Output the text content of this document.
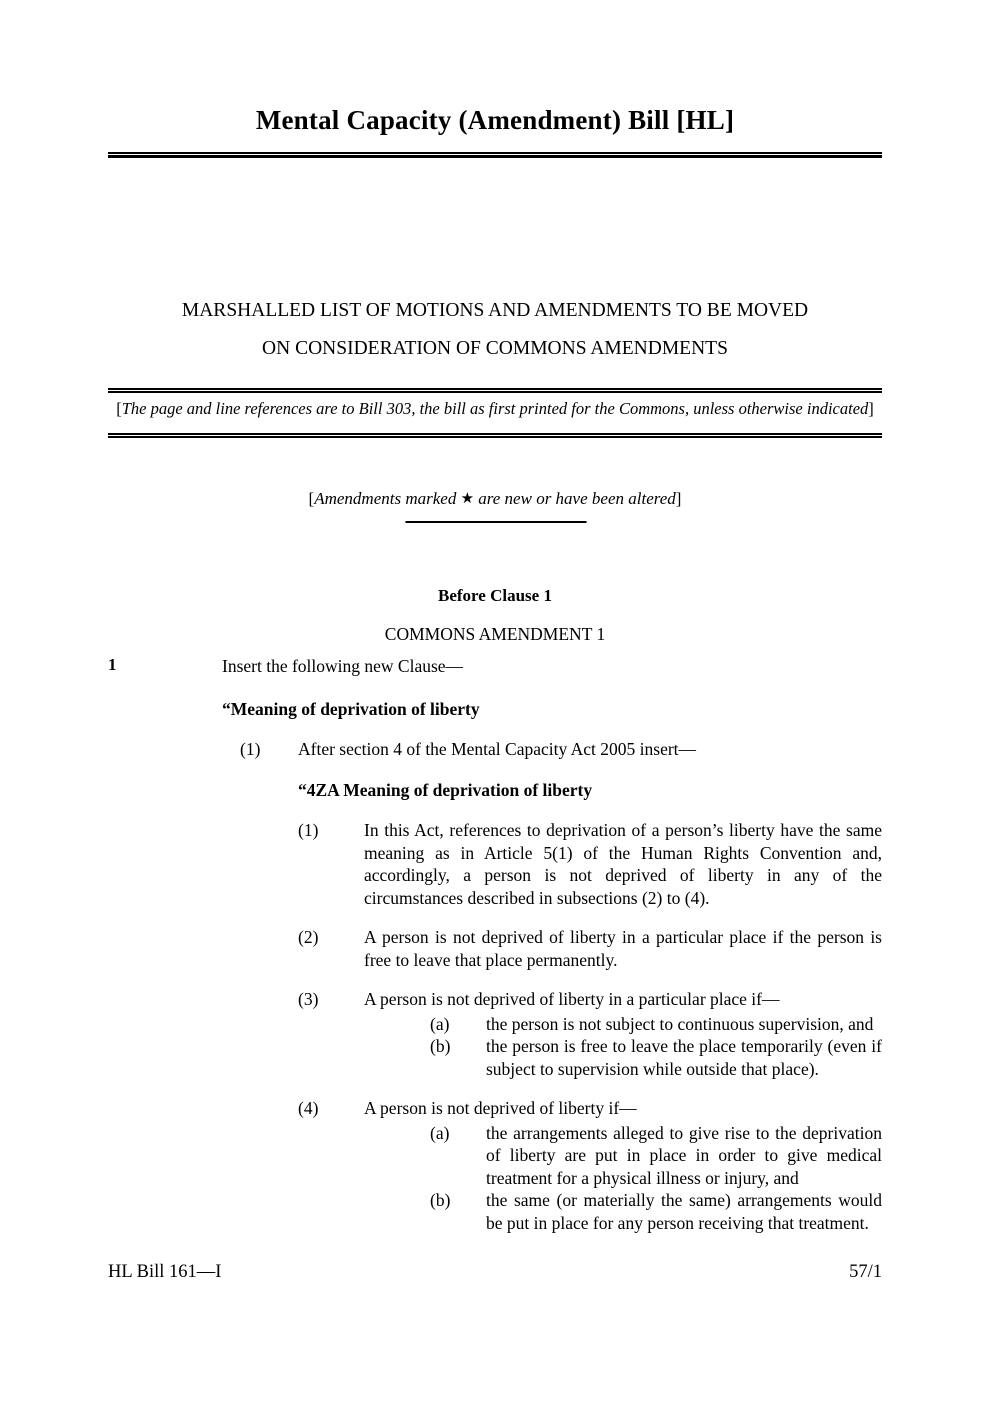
Mental Capacity (Amendment) Bill [HL]
MARSHALLED LIST OF MOTIONS AND AMENDMENTS TO BE MOVED
ON CONSIDERATION OF COMMONS AMENDMENTS
[The page and line references are to Bill 303, the bill as first printed for the Commons, unless otherwise indicated]
[Amendments marked ★ are new or have been altered]
Before Clause 1
COMMONS AMENDMENT 1
1	Insert the following new Clause—
“Meaning of deprivation of liberty
(1)	After section 4 of the Mental Capacity Act 2005 insert—
“4ZA Meaning of deprivation of liberty
(1)	In this Act, references to deprivation of a person’s liberty have the same meaning as in Article 5(1) of the Human Rights Convention and, accordingly, a person is not deprived of liberty in any of the circumstances described in subsections (2) to (4).
(2)	A person is not deprived of liberty in a particular place if the person is free to leave that place permanently.
(3)	A person is not deprived of liberty in a particular place if—
(a)	the person is not subject to continuous supervision, and
(b)	the person is free to leave the place temporarily (even if subject to supervision while outside that place).
(4)	A person is not deprived of liberty if—
(a)	the arrangements alleged to give rise to the deprivation of liberty are put in place in order to give medical treatment for a physical illness or injury, and
(b)	the same (or materially the same) arrangements would be put in place for any person receiving that treatment.
HL Bill 161—I	57/1
